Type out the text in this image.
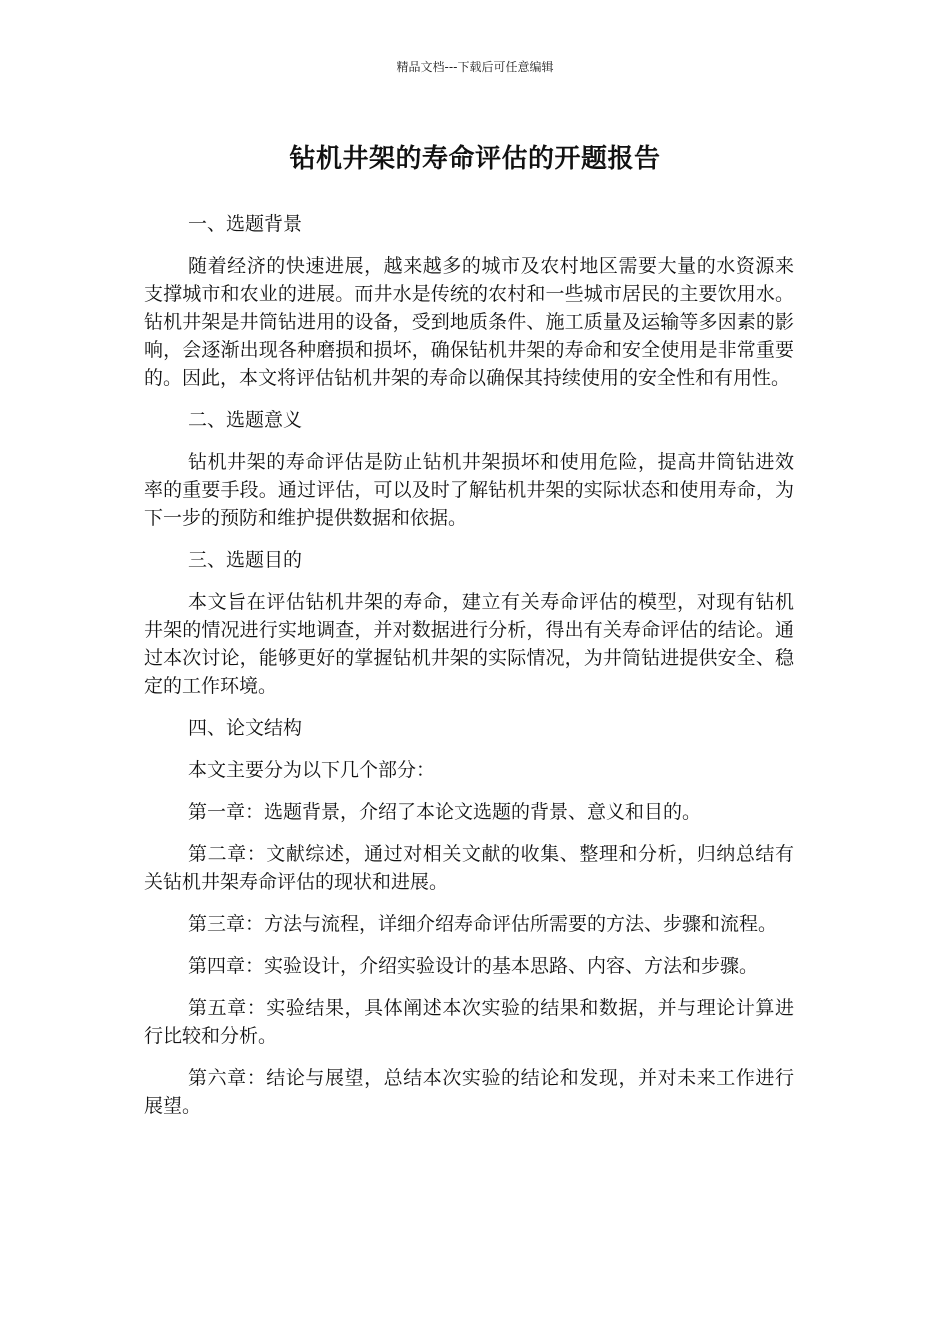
精品文档---下载后可任意编辑
钻机井架的寿命评估的开题报告

一、选题背景

随着经济的快速进展，越来越多的城市及农村地区需要大量的水资源来支撑城市和农业的进展。而井水是传统的农村和一些城市居民的主要饮用水。钻机井架是井筒钻进用的设备，受到地质条件、施工质量及运输等多因素的影响，会逐渐出现各种磨损和损坏，确保钻机井架的寿命和安全使用是非常重要的。因此，本文将评估钻机井架的寿命以确保其持续使用的安全性和有用性。

二、选题意义

钻机井架的寿命评估是防止钻机井架损坏和使用危险，提高井筒钻进效率的重要手段。通过评估，可以及时了解钻机井架的实际状态和使用寿命，为下一步的预防和维护提供数据和依据。

三、选题目的

本文旨在评估钻机井架的寿命，建立有关寿命评估的模型，对现有钻机井架的情况进行实地调查，并对数据进行分析，得出有关寿命评估的结论。通过本次讨论，能够更好的掌握钻机井架的实际情况，为井筒钻进提供安全、稳定的工作环境。

四、论文结构

本文主要分为以下几个部分：

第一章：选题背景，介绍了本论文选题的背景、意义和目的。

第二章：文献综述，通过对相关文献的收集、整理和分析，归纳总结有关钻机井架寿命评估的现状和进展。

第三章：方法与流程，详细介绍寿命评估所需要的方法、步骤和流程。

第四章：实验设计，介绍实验设计的基本思路、内容、方法和步骤。

第五章：实验结果，具体阐述本次实验的结果和数据，并与理论计算进行比较和分析。

第六章：结论与展望，总结本次实验的结论和发现，并对未来工作进行展望。
